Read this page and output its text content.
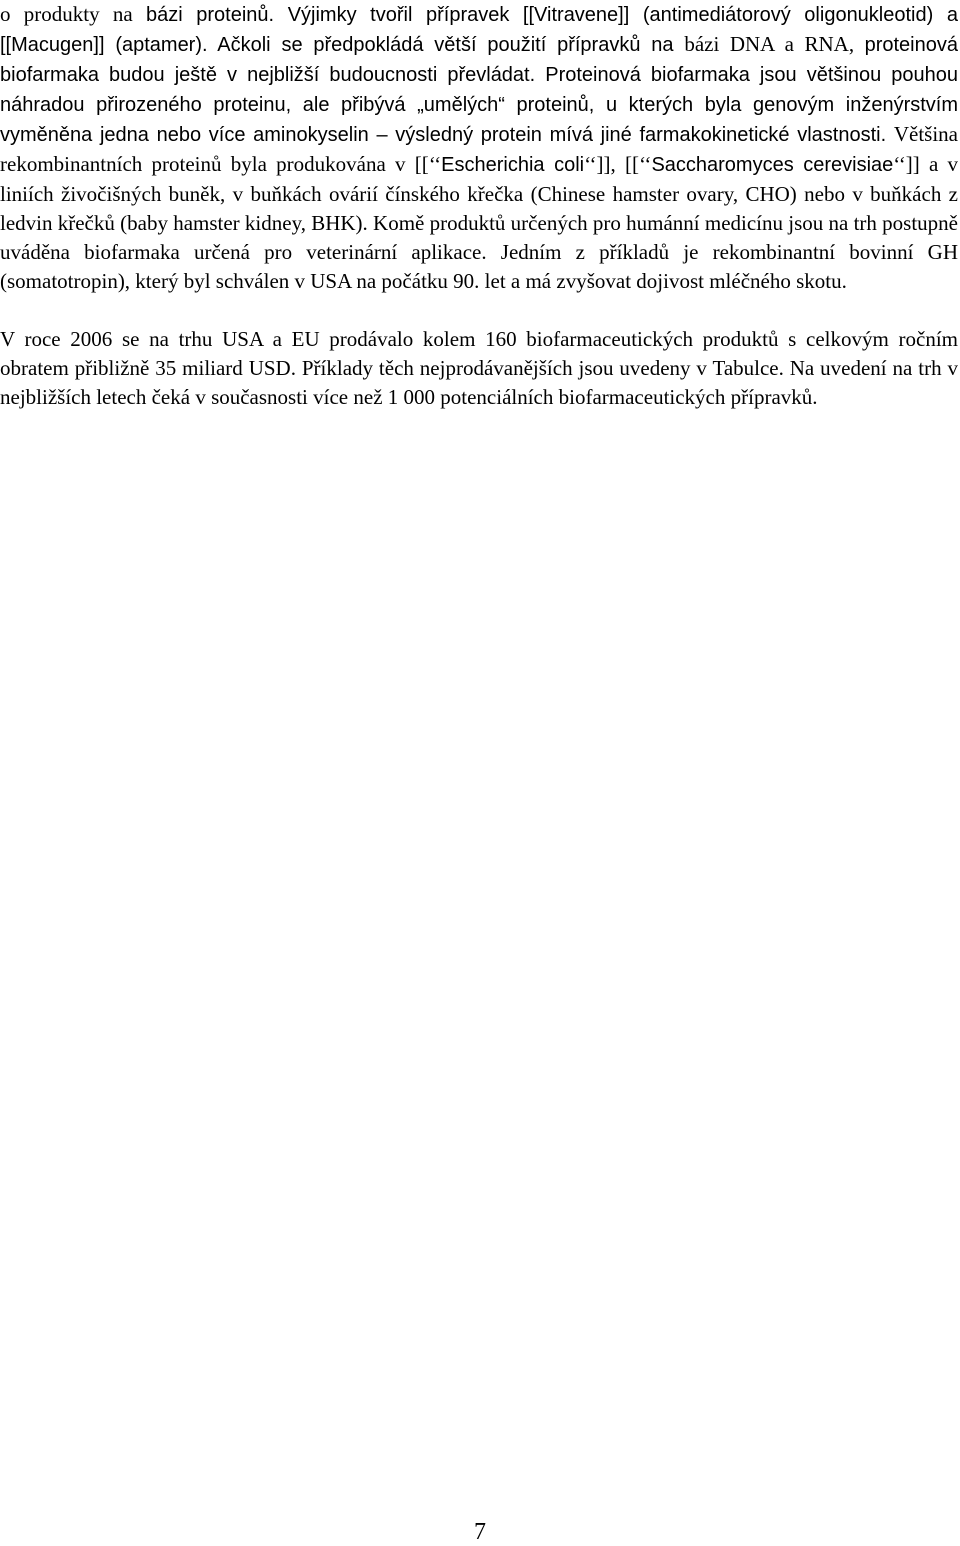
o produkty na bázi proteinů. Výjimky tvořil přípravek [[Vitravene]] (antimediátorový oligonukleotid) a [[Macugen]] (aptamer). Ačkoli se předpokládá větší použití přípravků na bázi DNA a RNA, proteinová biofarmaka budou ještě v nejbližší budoucnosti převládat. Proteinová biofarmaka jsou většinou pouhou náhradou přirozeného proteinu, ale přibývá „umělých“ proteinů, u kterých byla genovým inženýrstvím vyměněna jedna nebo více aminokyselin – výsledný protein mívá jiné farmakokinetické vlastnosti. Většina rekombinantních proteinů byla produkována v [[‘‘Escherichia coli‘‘]], [[‘‘Saccharomyces cerevisiae‘‘]] a v liniích živočišných buněk, v buňkách ovárií čínského křečka (Chinese hamster ovary, CHO) nebo v buňkách z ledvin křečků (baby hamster kidney, BHK). Komě produktů určených pro humánní medicínu jsou na trh postupně uváděna biofarmaka určená pro veterinární aplikace. Jedním z příkladů je rekombinantní bovinní GH (somatotropin), který byl schválen v USA na počátku 90. let a má zvyšovat dojivost mléčného skotu.

V roce 2006 se na trhu USA a EU prodávalo kolem 160 biofarmaceutických produktů s celkovým ročním obratem přibližně 35 miliard USD. Příklady těch nejprodávanějších jsou uvedeny v Tabulce. Na uvedení na trh v nejbližších letech čeká v současnosti více než 1 000 potenciálních biofarmaceutických přípravků.

7
